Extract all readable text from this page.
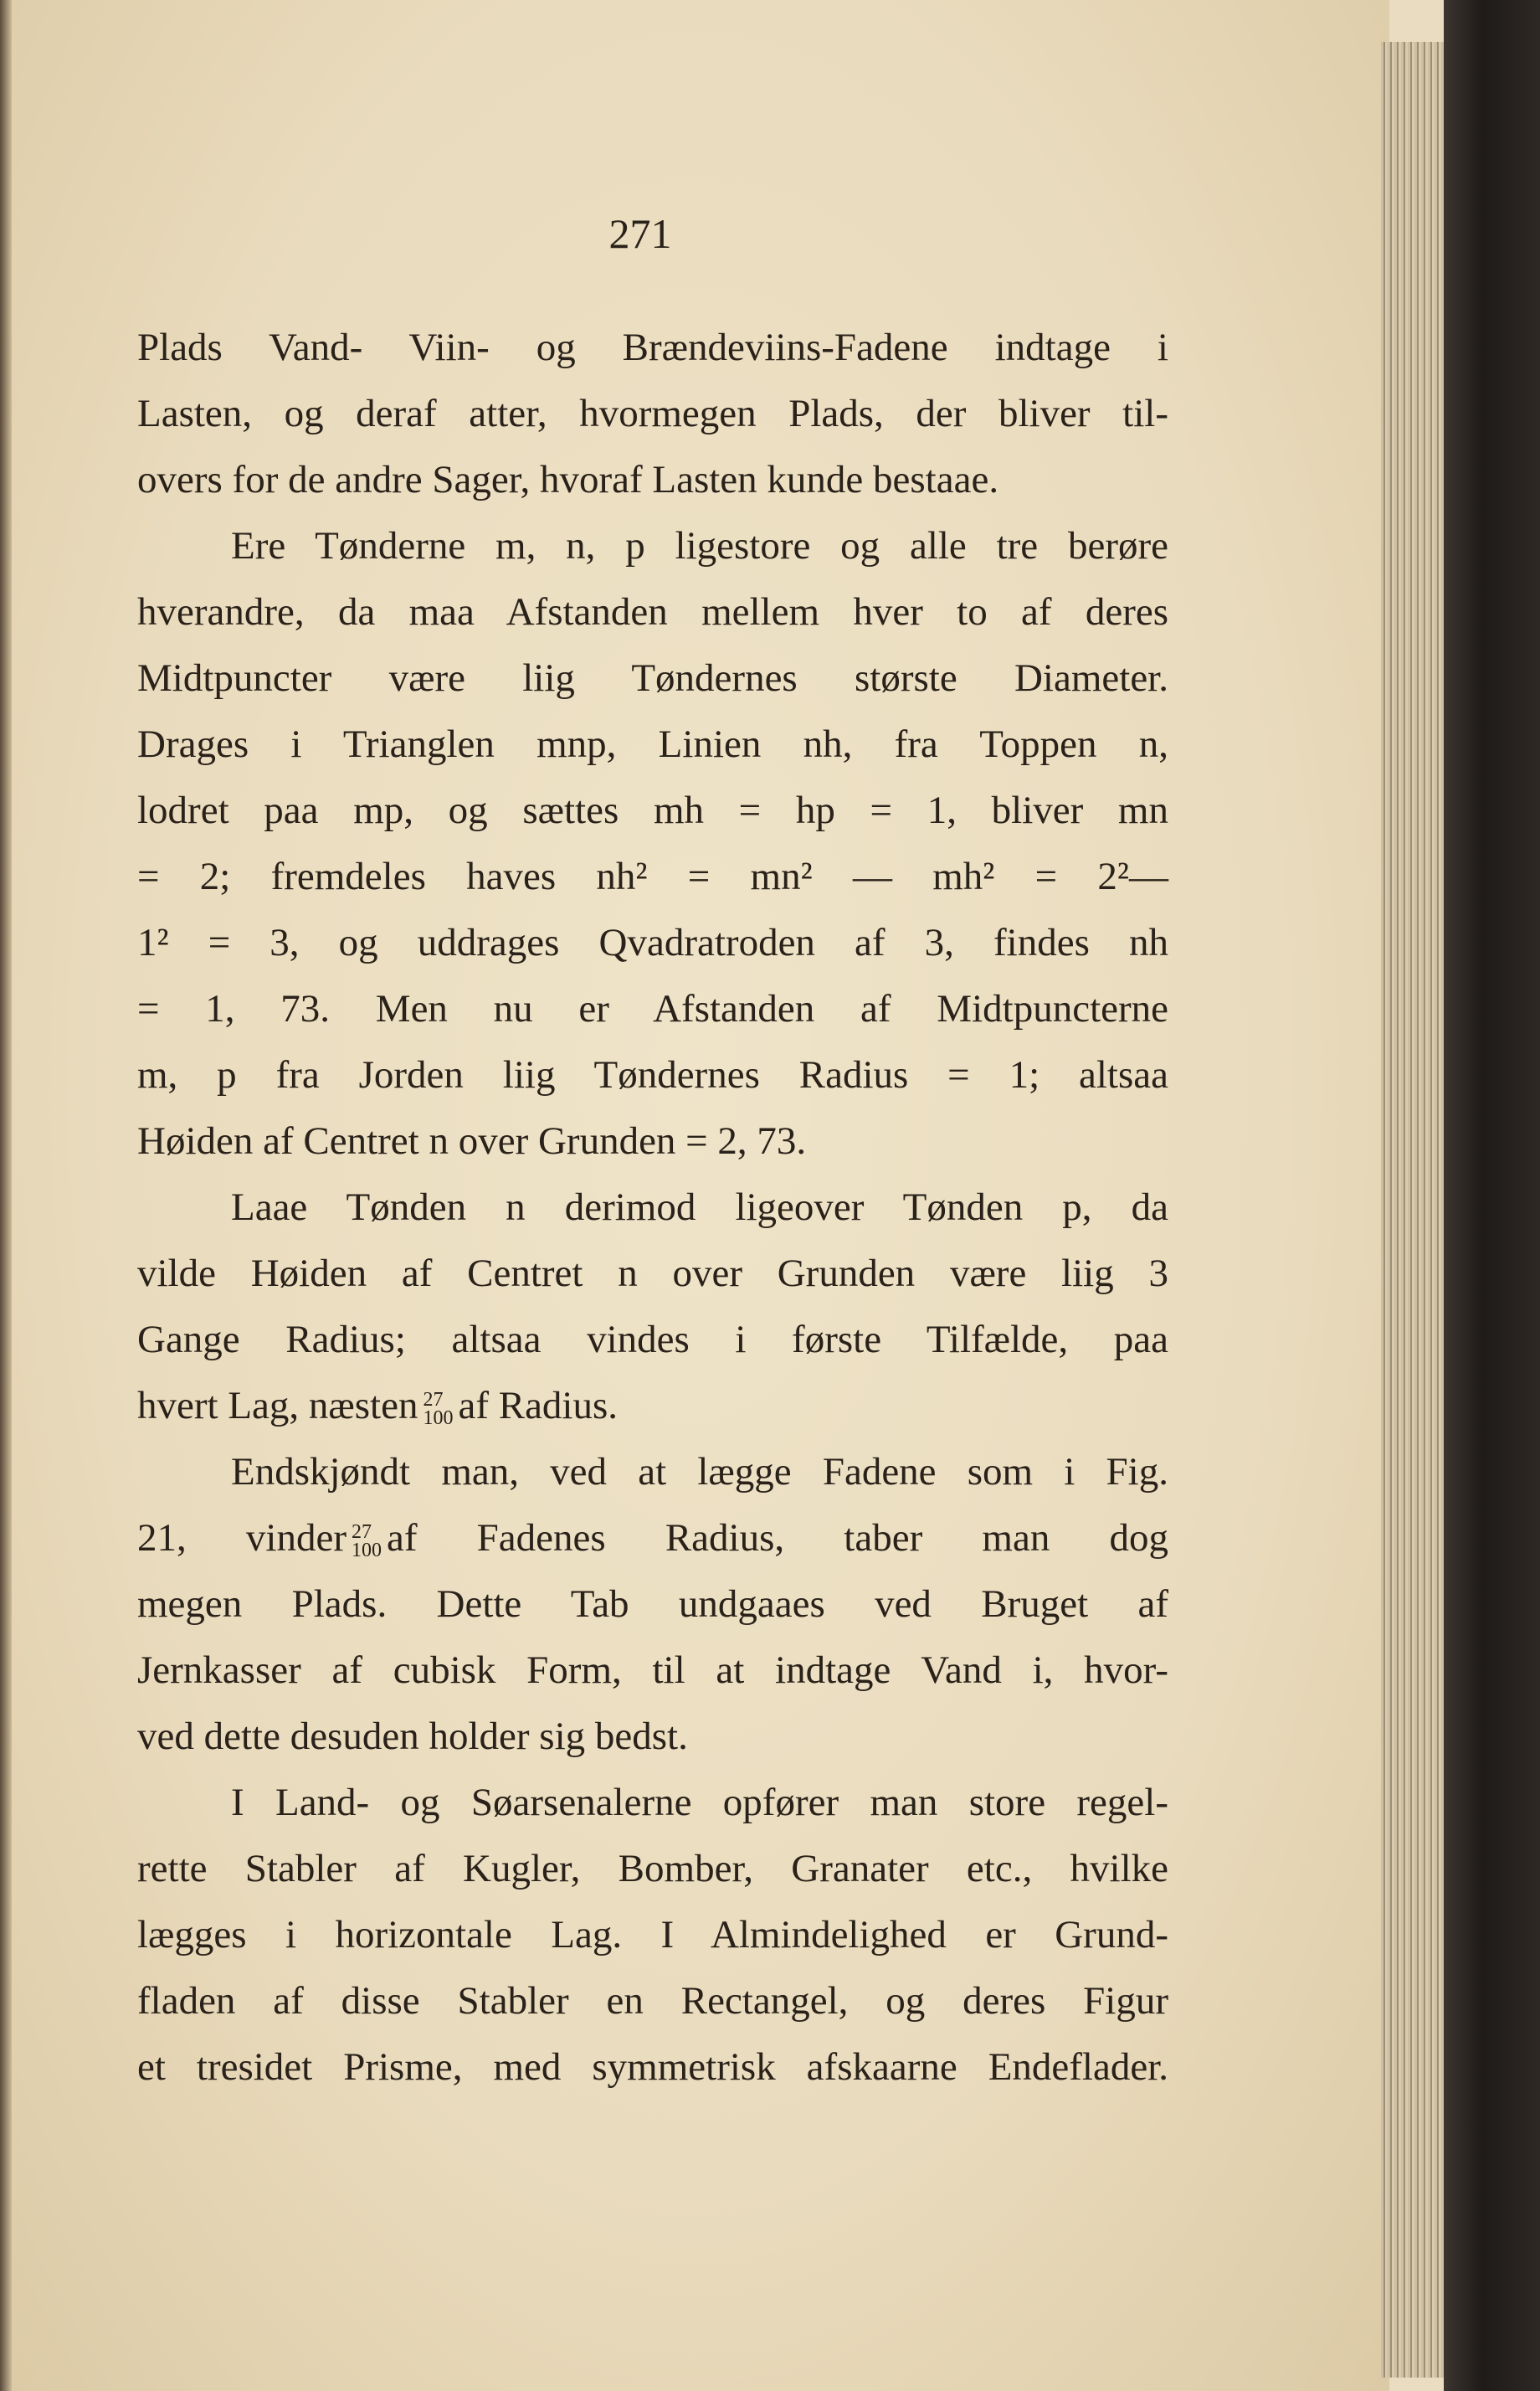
271
Plads Vand- Viin- og Brændeviins-Fadene indtage i
Lasten, og deraf atter, hvormegen Plads, der bliver til-
overs for de andre Sager, hvoraf Lasten kunde bestaae.
Ere Tønderne m, n, p ligestore og alle tre berøre
hverandre, da maa Afstanden mellem hver to af deres
Midtpuncter være liig Tøndernes største Diameter.
Drages i Trianglen mnp, Linien nh, fra Toppen n,
lodret paa mp, og sættes mh = hp = 1, bliver mn
= 2; fremdeles haves nh² = mn² — mh² = 2²—
1² = 3, og uddrages Qvadratroden af 3, findes nh
= 1, 73. Men nu er Afstanden af Midtpuncterne
m, p fra Jorden liig Tøndernes Radius = 1; altsaa
Høiden af Centret n over Grunden = 2, 73.
Laae Tønden n derimod ligeover Tønden p, da
vilde Høiden af Centret n over Grunden være liig 3
Gange Radius; altsaa vindes i første Tilfælde, paa
hvert Lag, næsten 27
100 af Radius.
Endskjøndt man, ved at lægge Fadene som i Fig.
21, vinder 27
100 af Fadenes Radius, taber man dog
megen Plads. Dette Tab undgaaes ved Bruget af
Jernkasser af cubisk Form, til at indtage Vand i, hvor-
ved dette desuden holder sig bedst.
I Land- og Søarsenalerne opfører man store regel-
rette Stabler af Kugler, Bomber, Granater etc., hvilke
lægges i horizontale Lag. I Almindelighed er Grund-
fladen af disse Stabler en Rectangel, og deres Figur
et tresidet Prisme, med symmetrisk afskaarne Endeflader.
